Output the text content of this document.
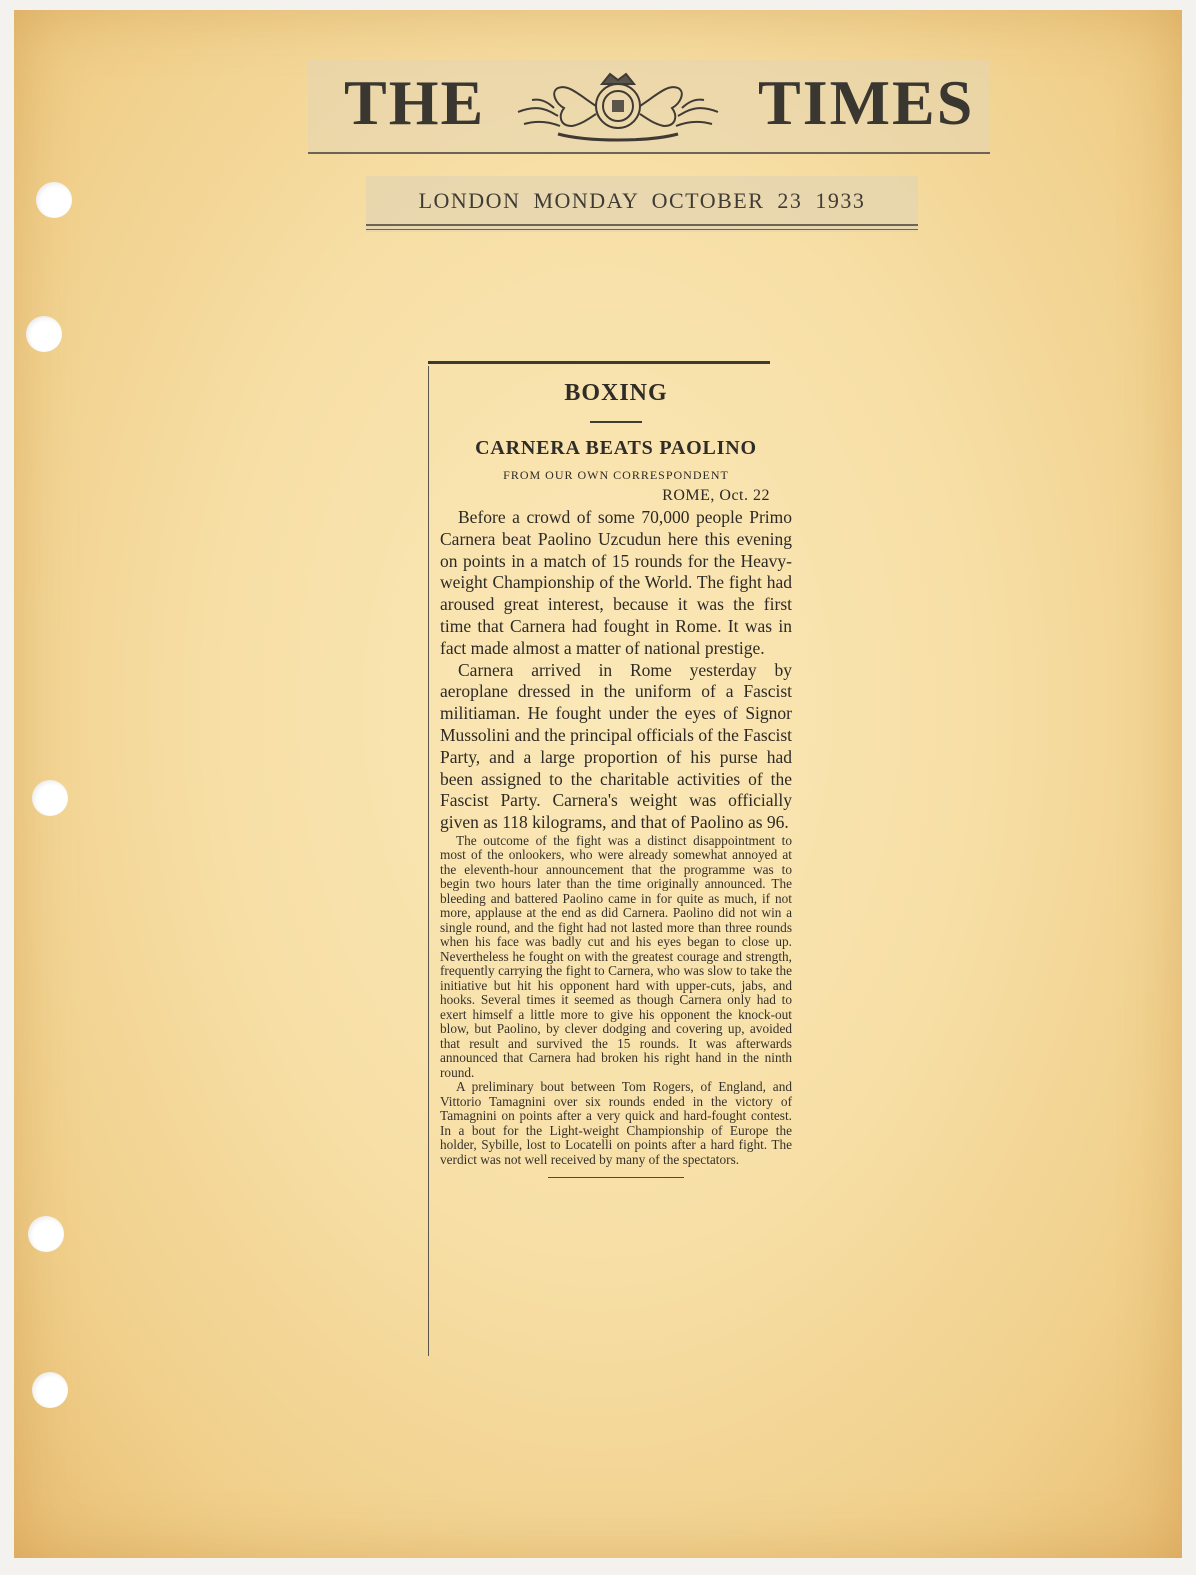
THE	TIMES
LONDON MONDAY OCTOBER 23 1933
BOXING
CARNERA BEATS PAOLINO
FROM OUR OWN CORRESPONDENT
ROME, Oct. 22

Before a crowd of some 70,000 people Primo Carnera beat Paolino Uzcudun here this evening on points in a match of 15 rounds for the Heavy-weight Championship of the World. The fight had aroused great interest, because it was the first time that Carnera had fought in Rome. It was in fact made almost a matter of national prestige.

Carnera arrived in Rome yesterday by aeroplane dressed in the uniform of a Fascist militiaman. He fought under the eyes of Signor Mussolini and the principal officials of the Fascist Party, and a large proportion of his purse had been assigned to the charitable activities of the Fascist Party. Carnera's weight was officially given as 118 kilograms, and that of Paolino as 96.

The outcome of the fight was a distinct disappointment to most of the onlookers, who were already somewhat annoyed at the eleventh-hour announcement that the programme was to begin two hours later than the time originally announced. The bleeding and battered Paolino came in for quite as much, if not more, applause at the end as did Carnera. Paolino did not win a single round, and the fight had not lasted more than three rounds when his face was badly cut and his eyes began to close up. Nevertheless he fought on with the greatest courage and strength, frequently carrying the fight to Carnera, who was slow to take the initiative but hit his opponent hard with upper-cuts, jabs, and hooks. Several times it seemed as though Carnera only had to exert himself a little more to give his opponent the knock-out blow, but Paolino, by clever dodging and covering up, avoided that result and survived the 15 rounds. It was afterwards announced that Carnera had broken his right hand in the ninth round.

A preliminary bout between Tom Rogers, of England, and Vittorio Tamagnini over six rounds ended in the victory of Tamagnini on points after a very quick and hard-fought contest. In a bout for the Light-weight Championship of Europe the holder, Sybille, lost to Locatelli on points after a hard fight. The verdict was not well received by many of the spectators.
